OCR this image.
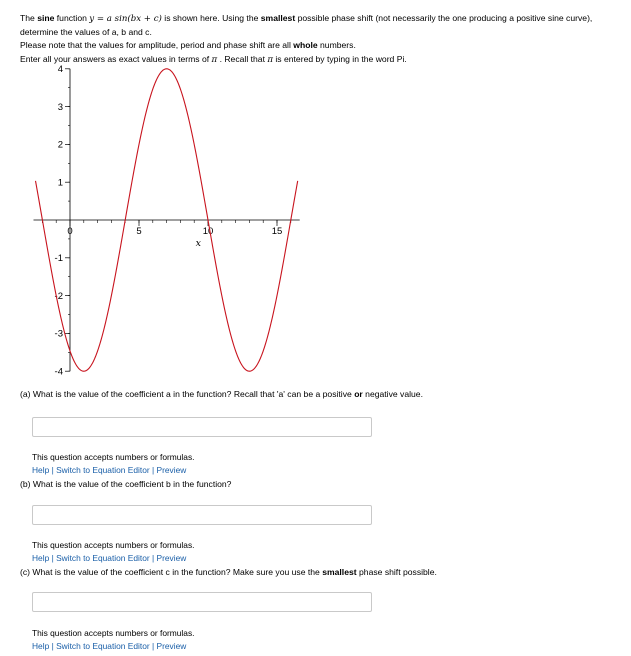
The sine function y = a sin(bx + c) is shown here. Using the smallest possible phase shift (not necessarily the one producing a positive sine curve),

determine the values of a, b and c.

Please note that the values for amplitude, period and phase shift are all whole numbers.

Enter all your answers as exact values in terms of π . Recall that π is entered by typing in the word Pi.

0	5	10	15
-4
-3
-2
-1
1
2
3
4
x
(a) What is the value of the coefficient a in the function? Recall that 'a' can be a positive or negative value.
This question accepts numbers or formulas.
Help | Switch to Equation Editor | Preview
(b) What is the value of the coefficient b in the function?
This question accepts numbers or formulas.
Help | Switch to Equation Editor | Preview
(c) What is the value of the coefficient c in the function? Make sure you use the smallest phase shift possible.
This question accepts numbers or formulas.
Help | Switch to Equation Editor | Preview
